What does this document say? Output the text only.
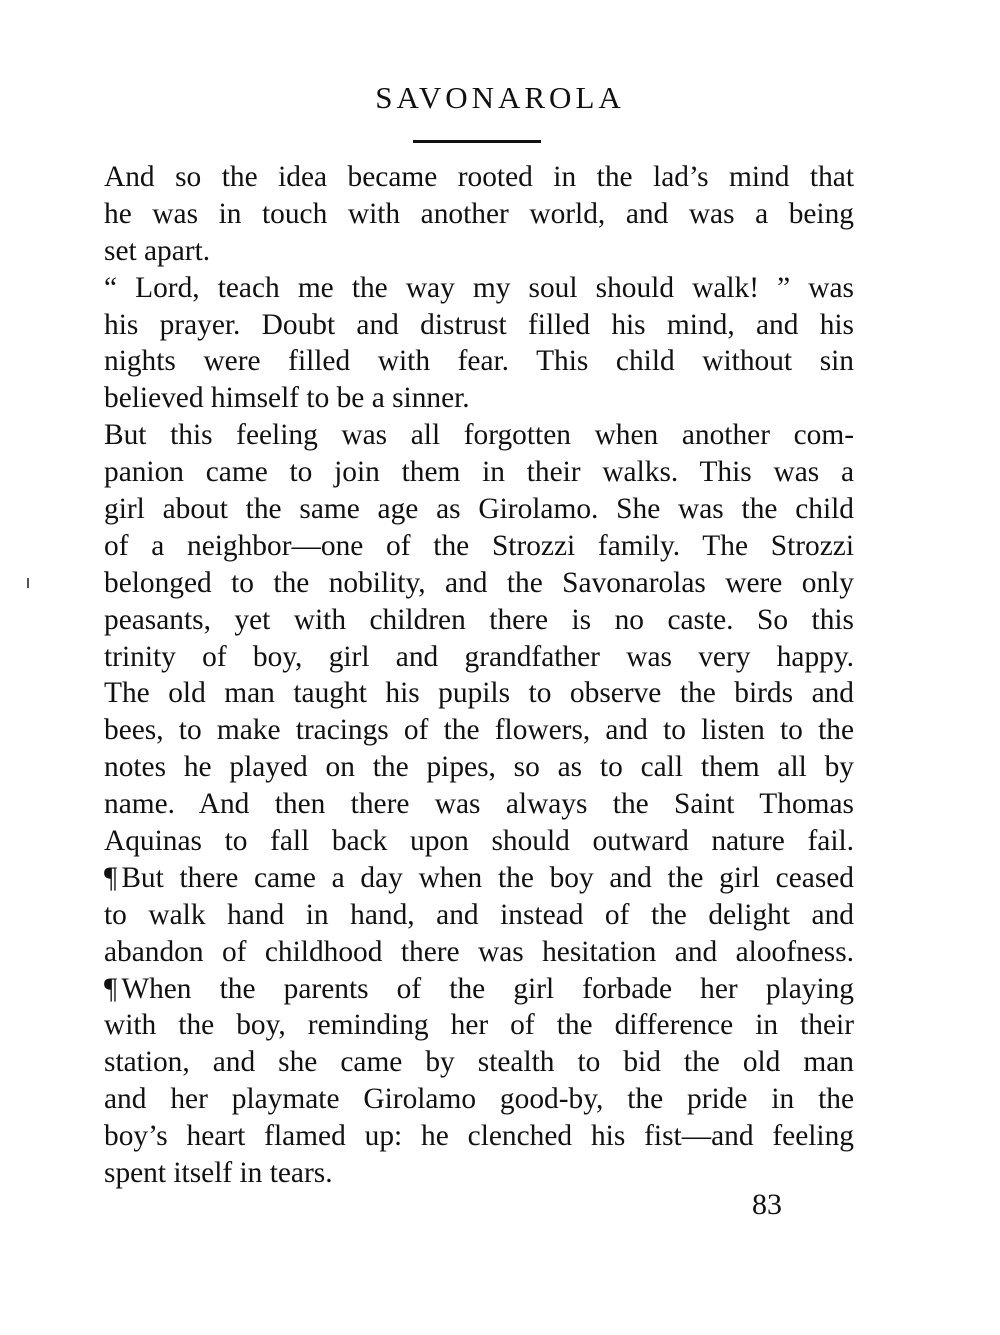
SAVONAROLA
And so the idea became rooted in the lad’s mind that
he was in touch with another world, and was a being
set apart.
“ Lord, teach me the way my soul should walk! ” was
his prayer. Doubt and distrust filled his mind, and his
nights were filled with fear. This child without sin
believed himself to be a sinner.
But this feeling was all forgotten when another com-
panion came to join them in their walks. This was a
girl about the same age as Girolamo. She was the child
of a neighbor—one of the Strozzi family. The Strozzi
belonged to the nobility, and the Savonarolas were only
peasants, yet with children there is no caste. So this
trinity of boy, girl and grandfather was very happy.
The old man taught his pupils to observe the birds and
bees, to make tracings of the flowers, and to listen to the
notes he played on the pipes, so as to call them all by
name. And then there was always the Saint Thomas
Aquinas to fall back upon should outward nature fail.
¶ But there came a day when the boy and the girl ceased
to walk hand in hand, and instead of the delight and
abandon of childhood there was hesitation and aloofness.
¶ When the parents of the girl forbade her playing
with the boy, reminding her of the difference in their
station, and she came by stealth to bid the old man
and her playmate Girolamo good-by, the pride in the
boy’s heart flamed up: he clenched his fist—and feeling
spent itself in tears.
83
